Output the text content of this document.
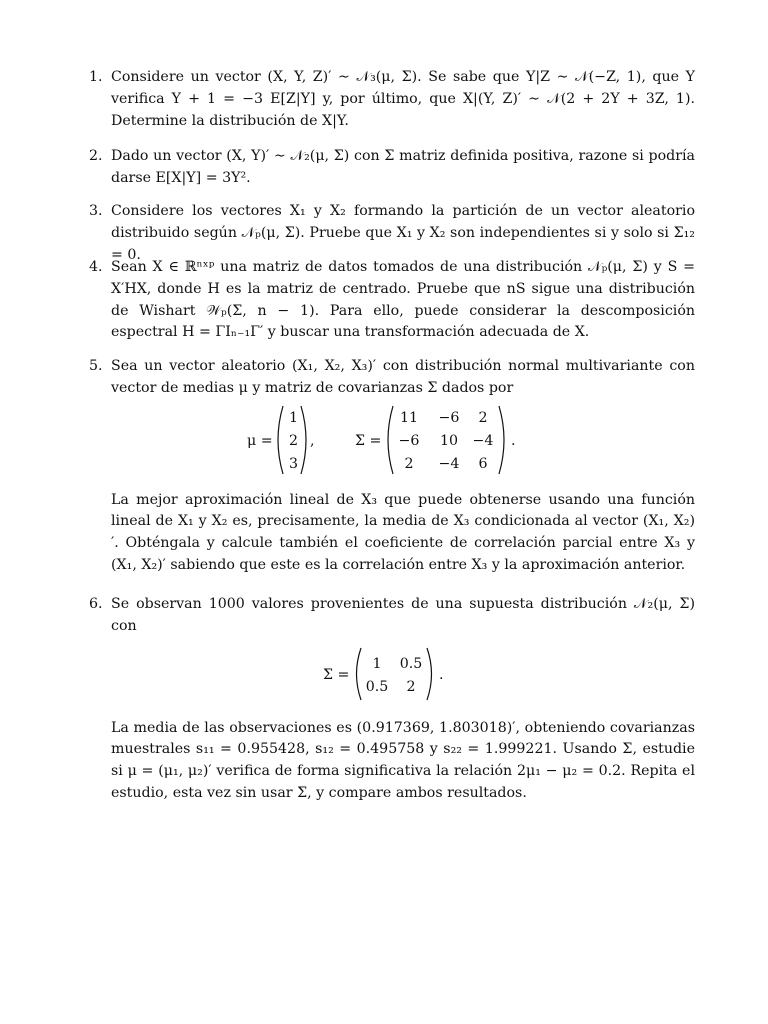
1. Considere un vector (X, Y, Z)′ ∼ 𝒩₃(μ, Σ). Se sabe que Y|Z ∼ 𝒩(−Z, 1), que Y verifica Y + 1 = −3 E[Z|Y] y, por último, que X|(Y, Z)′ ∼ 𝒩(2 + 2Y + 3Z, 1). Determine la distribución de X|Y.

2. Dado un vector (X, Y)′ ∼ 𝒩₂(μ, Σ) con Σ matriz definida positiva, razone si podría darse E[X|Y] = 3Y².

3. Considere los vectores X₁ y X₂ formando la partición de un vector aleatorio distribuido según 𝒩ₚ(μ, Σ). Pruebe que X₁ y X₂ son independientes si y solo si Σ₁₂ = 0.

4. Sean X ∈ ℝⁿˣᵖ una matriz de datos tomados de una distribución 𝒩ₚ(μ, Σ) y S = X′HX, donde H es la matriz de centrado. Pruebe que nS sigue una distribución de Wishart 𝒲ₚ(Σ, n − 1). Para ello, puede considerar la descomposición espectral H = ΓIₙ₋₁Γ′ y buscar una transformación adecuada de X.

5. Sea un vector aleatorio (X₁, X₂, X₃)′ con distribución normal multivariante con vector de medias μ y matriz de covarianzas Σ dados por

μ =
1
2
3
,	Σ =
11 −6 2
−6 10 −4
2 −4 6
.

La mejor aproximación lineal de X₃ que puede obtenerse usando una función lineal de X₁ y X₂ es, precisamente, la media de X₃ condicionada al vector (X₁, X₂)′. Obténgala y calcule también el coeficiente de correlación parcial entre X₃ y (X₁, X₂)′ sabiendo que este es la correlación entre X₃ y la aproximación anterior.

6. Se observan 1000 valores provenientes de una supuesta distribución 𝒩₂(μ, Σ) con

Σ =
1 0.5
0.5 2
.

La media de las observaciones es (0.917369, 1.803018)′, obteniendo covarianzas muestrales s₁₁ = 0.955428, s₁₂ = 0.495758 y s₂₂ = 1.999221. Usando Σ, estudie si μ = (μ₁, μ₂)′ verifica de forma significativa la relación 2μ₁ − μ₂ = 0.2. Repita el estudio, esta vez sin usar Σ, y compare ambos resultados.
